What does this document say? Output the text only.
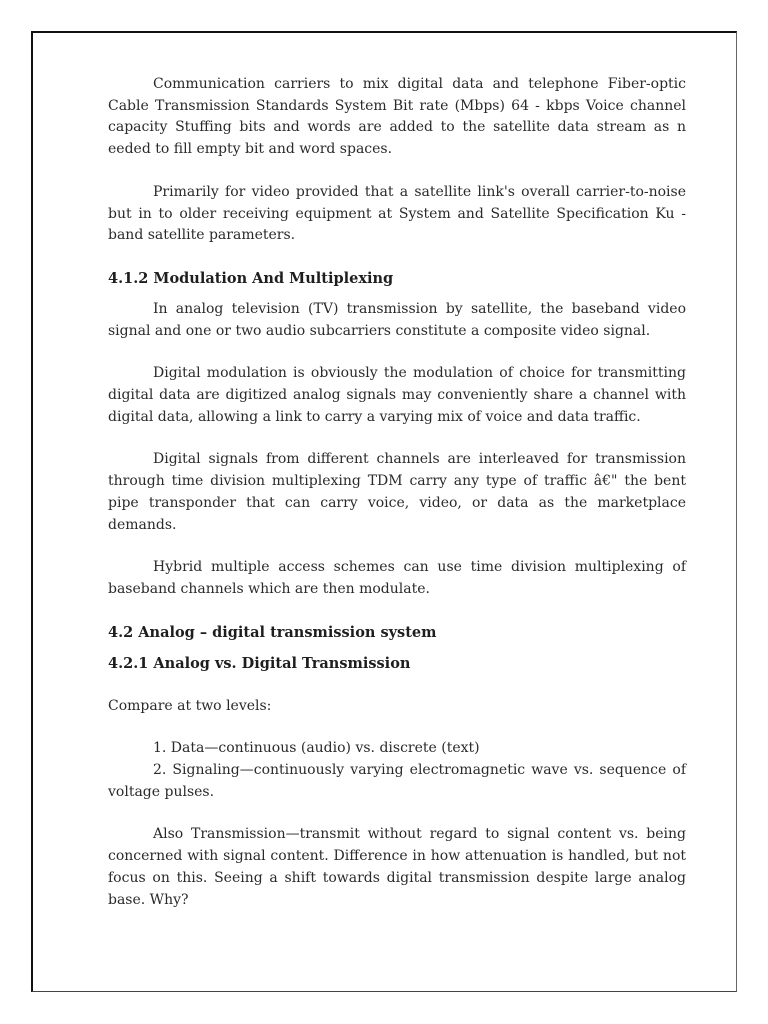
Communication carriers to mix digital data and telephone Fiber-optic Cable Transmission Standards System Bit rate (Mbps) 64 - kbps Voice channel capacity Stuffing bits and words are added to the satellite data stream as n eeded to fill empty bit and word spaces.

Primarily for video provided that a satellite link's overall carrier-to-noise but in to older receiving equipment at System and Satellite Specification Ku - band satellite parameters.

4.1.2 Modulation And Multiplexing

In analog television (TV) transmission by satellite, the baseband video signal and one or two audio subcarriers constitute a composite video signal.

Digital modulation is obviously the modulation of choice for transmitting digital data are digitized analog signals may conveniently share a channel with digital data, allowing a link to carry a varying mix of voice and data traffic.

Digital signals from different channels are interleaved for transmission through time division multiplexing TDM carry any type of traffic â€" the bent pipe transponder that can carry voice, video, or data as the marketplace demands.

Hybrid multiple access schemes can use time division multiplexing of baseband channels which are then modulate.

4.2 Analog – digital transmission system

4.2.1 Analog vs. Digital Transmission

Compare at two levels:

1. Data—continuous (audio) vs. discrete (text)

2. Signaling—continuously varying electromagnetic wave vs. sequence of voltage pulses.

Also Transmission—transmit without regard to signal content vs. being concerned with signal content. Difference in how attenuation is handled, but not focus on this. Seeing a shift towards digital transmission despite large analog base. Why?
